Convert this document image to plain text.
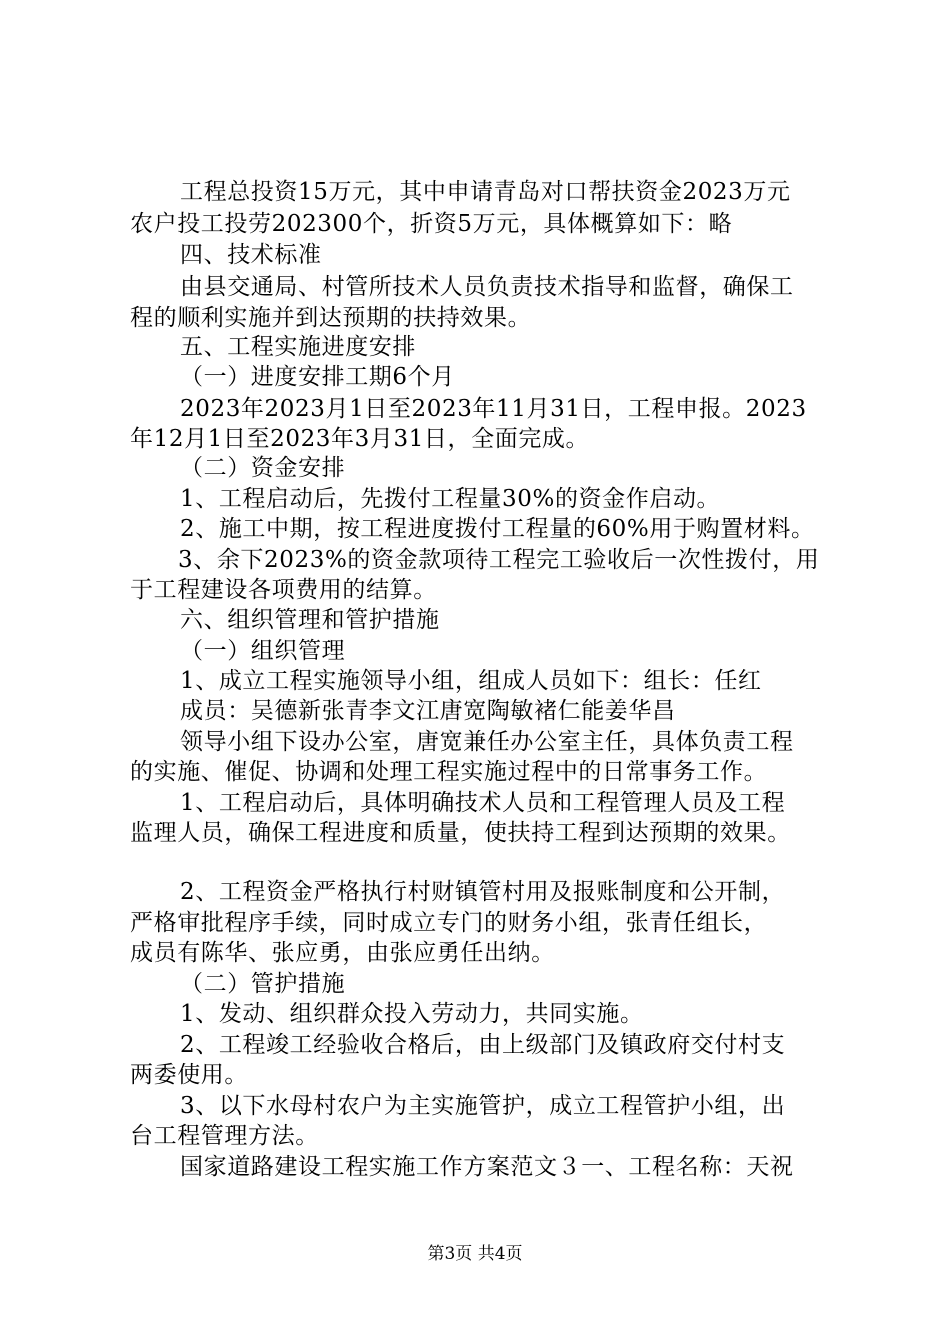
工程总投资15万元，其中申请青岛对口帮扶资金2023万元
农户投工投劳202300个，折资5万元，具体概算如下：略
四、技术标准
由县交通局、村管所技术人员负责技术指导和监督，确保工
程的顺利实施并到达预期的扶持效果。
五、工程实施进度安排
（一）进度安排工期6个月
2023年2023月1日至2023年11月31日，工程申报。2023
年12月1日至2023年3月31日，全面完成。
（二）资金安排
1、工程启动后，先拨付工程量30%的资金作启动。
2、施工中期，按工程进度拨付工程量的60%用于购置材料。
3、余下2023%的资金款项待工程完工验收后一次性拨付，用
于工程建设各项费用的结算。
六、组织管理和管护措施
（一）组织管理
1、成立工程实施领导小组，组成人员如下：组长：任红
成员：吴德新张青李文江唐宽陶敏褚仁能姜华昌
领导小组下设办公室，唐宽兼任办公室主任，具体负责工程
的实施、催促、协调和处理工程实施过程中的日常事务工作。
1、工程启动后，具体明确技术人员和工程管理人员及工程
监理人员，确保工程进度和质量，使扶持工程到达预期的效果。
2、工程资金严格执行村财镇管村用及报账制度和公开制，
严格审批程序手续，同时成立专门的财务小组，张青任组长，
成员有陈华、张应勇，由张应勇任出纳。
（二）管护措施
1、发动、组织群众投入劳动力，共同实施。
2、工程竣工经验收合格后，由上级部门及镇政府交付村支
两委使用。
3、以下水母村农户为主实施管护，成立工程管护小组，出
台工程管理方法。
国家道路建设工程实施工作方案范文３一、工程名称：天祝
第3页 共4页
